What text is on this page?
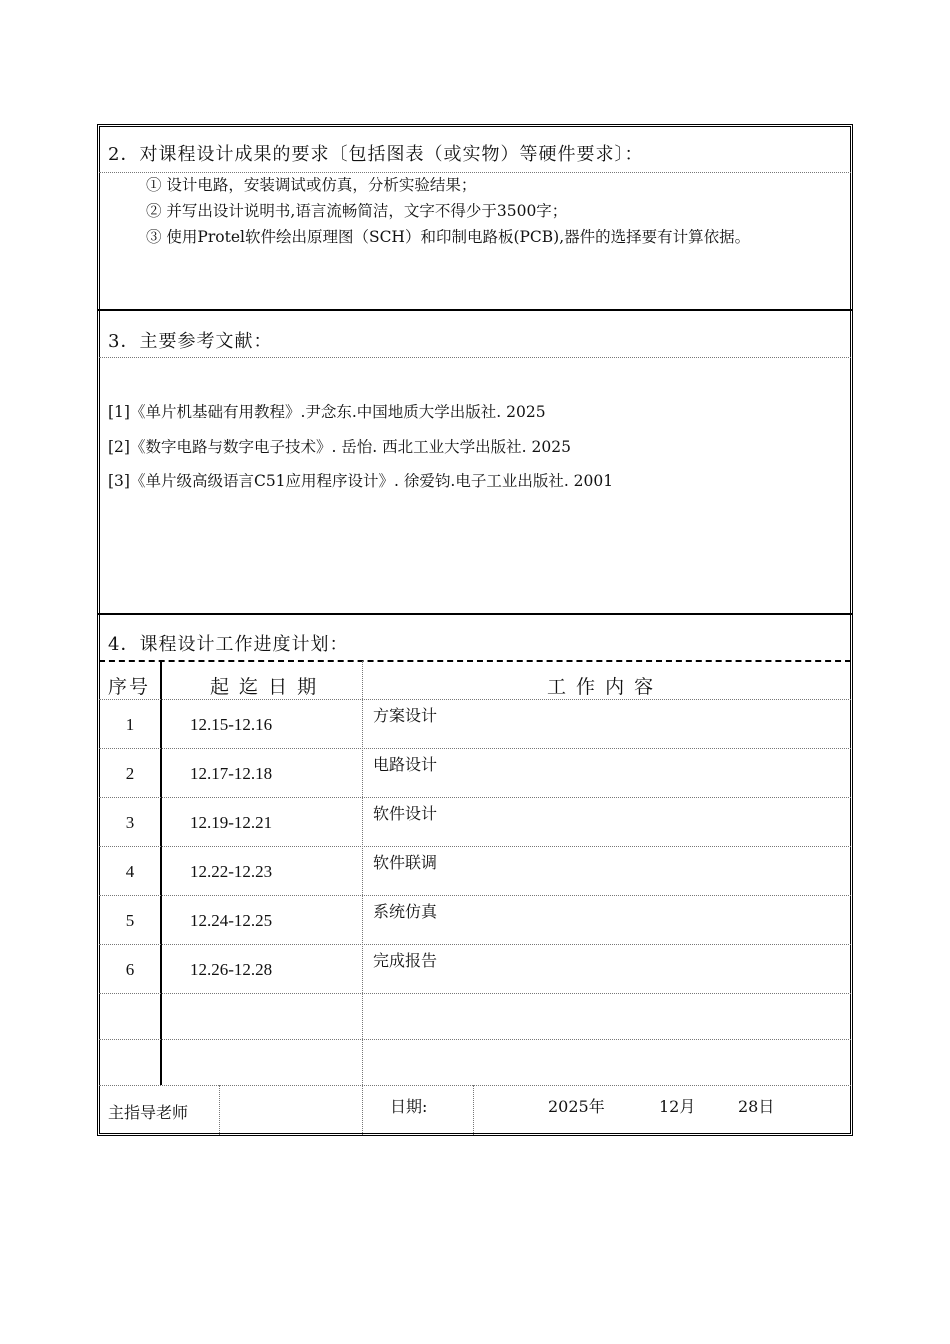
2．对课程设计成果的要求〔包括图表（或实物）等硬件要求〕：

① 设计电路，安装调试或仿真，分析实验结果；

② 并写出设计说明书,语言流畅简洁，文字不得少于3500字；

③ 使用Protel软件绘出原理图（SCH）和印制电路板(PCB),器件的选择要有计算依据。

3．主要参考文献：
[1]《单片机基础有用教程》.尹念东.中国地质大学出版社. 2025
[2]《数字电路与数字电子技术》. 岳怡. 西北工业大学出版社. 2025
[3]《单片级高级语言C51应用程序设计》. 徐爱钧.电子工业出版社. 2001
4．课程设计工作进度计划：
序号	起 迄 日 期	工 作 内 容
1	12.15-12.16	方案设计
2	12.17-12.18	电路设计
3	12.19-12.21	软件设计
4	12.22-12.23	软件联调
5	12.24-12.25	系统仿真
6	12.26-12.28	完成报告
主指导老师	日期:	2025年	12月	28日
